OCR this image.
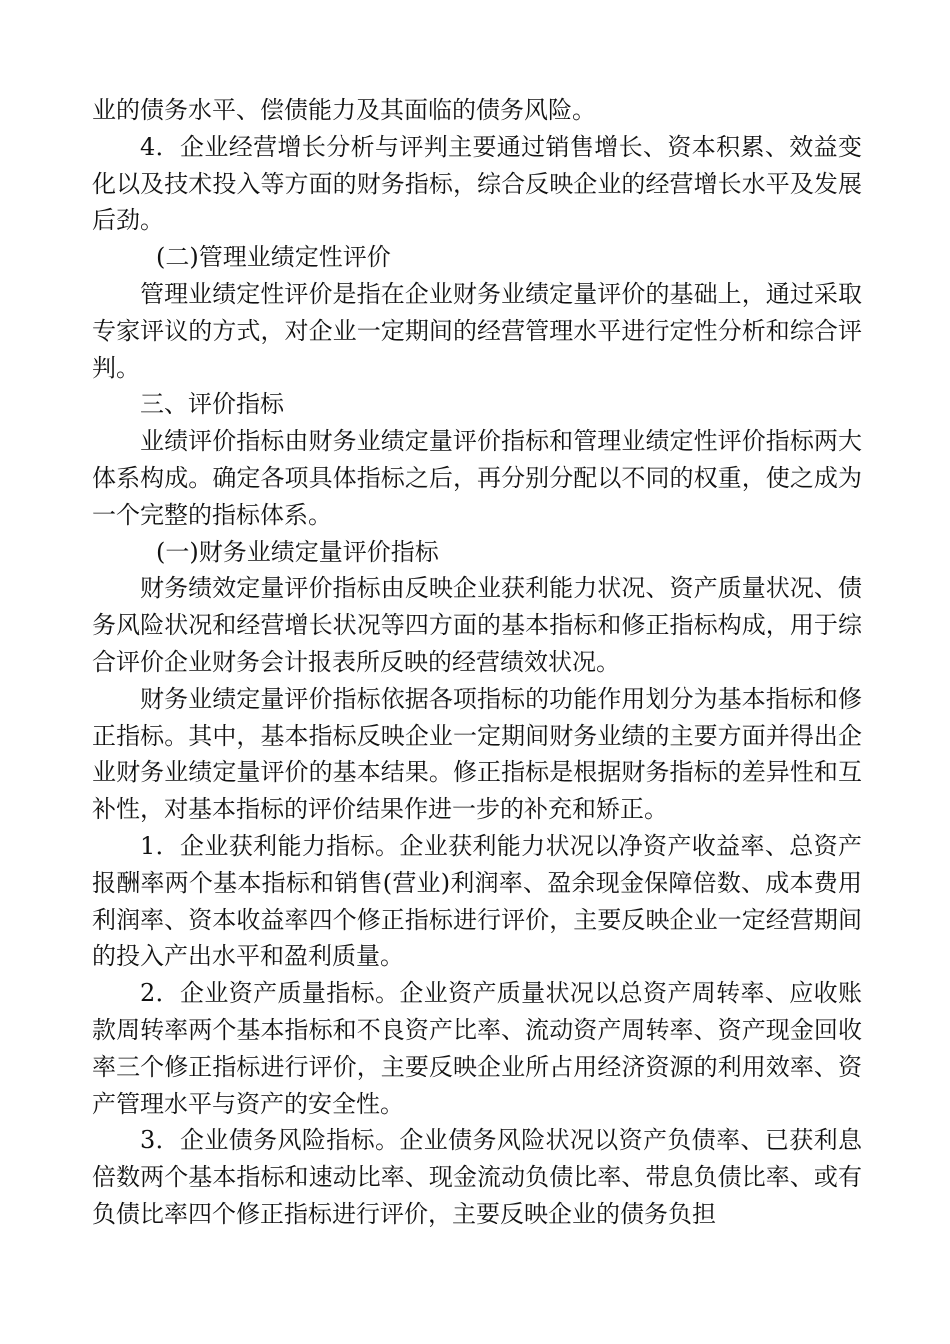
业的债务水平、偿债能力及其面临的债务风险。

4．企业经营增长分析与评判主要通过销售增长、资本积累、效益变化以及技术投入等方面的财务指标，综合反映企业的经营增长水平及发展后劲。

(二)管理业绩定性评价

管理业绩定性评价是指在企业财务业绩定量评价的基础上，通过采取专家评议的方式，对企业一定期间的经营管理水平进行定性分析和综合评判。

三、评价指标

业绩评价指标由财务业绩定量评价指标和管理业绩定性评价指标两大体系构成。确定各项具体指标之后，再分别分配以不同的权重，使之成为一个完整的指标体系。

(一)财务业绩定量评价指标

财务绩效定量评价指标由反映企业获利能力状况、资产质量状况、债务风险状况和经营增长状况等四方面的基本指标和修正指标构成，用于综合评价企业财务会计报表所反映的经营绩效状况。

财务业绩定量评价指标依据各项指标的功能作用划分为基本指标和修正指标。其中，基本指标反映企业一定期间财务业绩的主要方面并得出企业财务业绩定量评价的基本结果。修正指标是根据财务指标的差异性和互补性，对基本指标的评价结果作进一步的补充和矫正。

1．企业获利能力指标。企业获利能力状况以净资产收益率、总资产报酬率两个基本指标和销售(营业)利润率、盈余现金保障倍数、成本费用利润率、资本收益率四个修正指标进行评价，主要反映企业一定经营期间的投入产出水平和盈利质量。

2．企业资产质量指标。企业资产质量状况以总资产周转率、应收账款周转率两个基本指标和不良资产比率、流动资产周转率、资产现金回收率三个修正指标进行评价，主要反映企业所占用经济资源的利用效率、资产管理水平与资产的安全性。

3．企业债务风险指标。企业债务风险状况以资产负债率、已获利息倍数两个基本指标和速动比率、现金流动负债比率、带息负债比率、或有负债比率四个修正指标进行评价，主要反映企业的债务负担
